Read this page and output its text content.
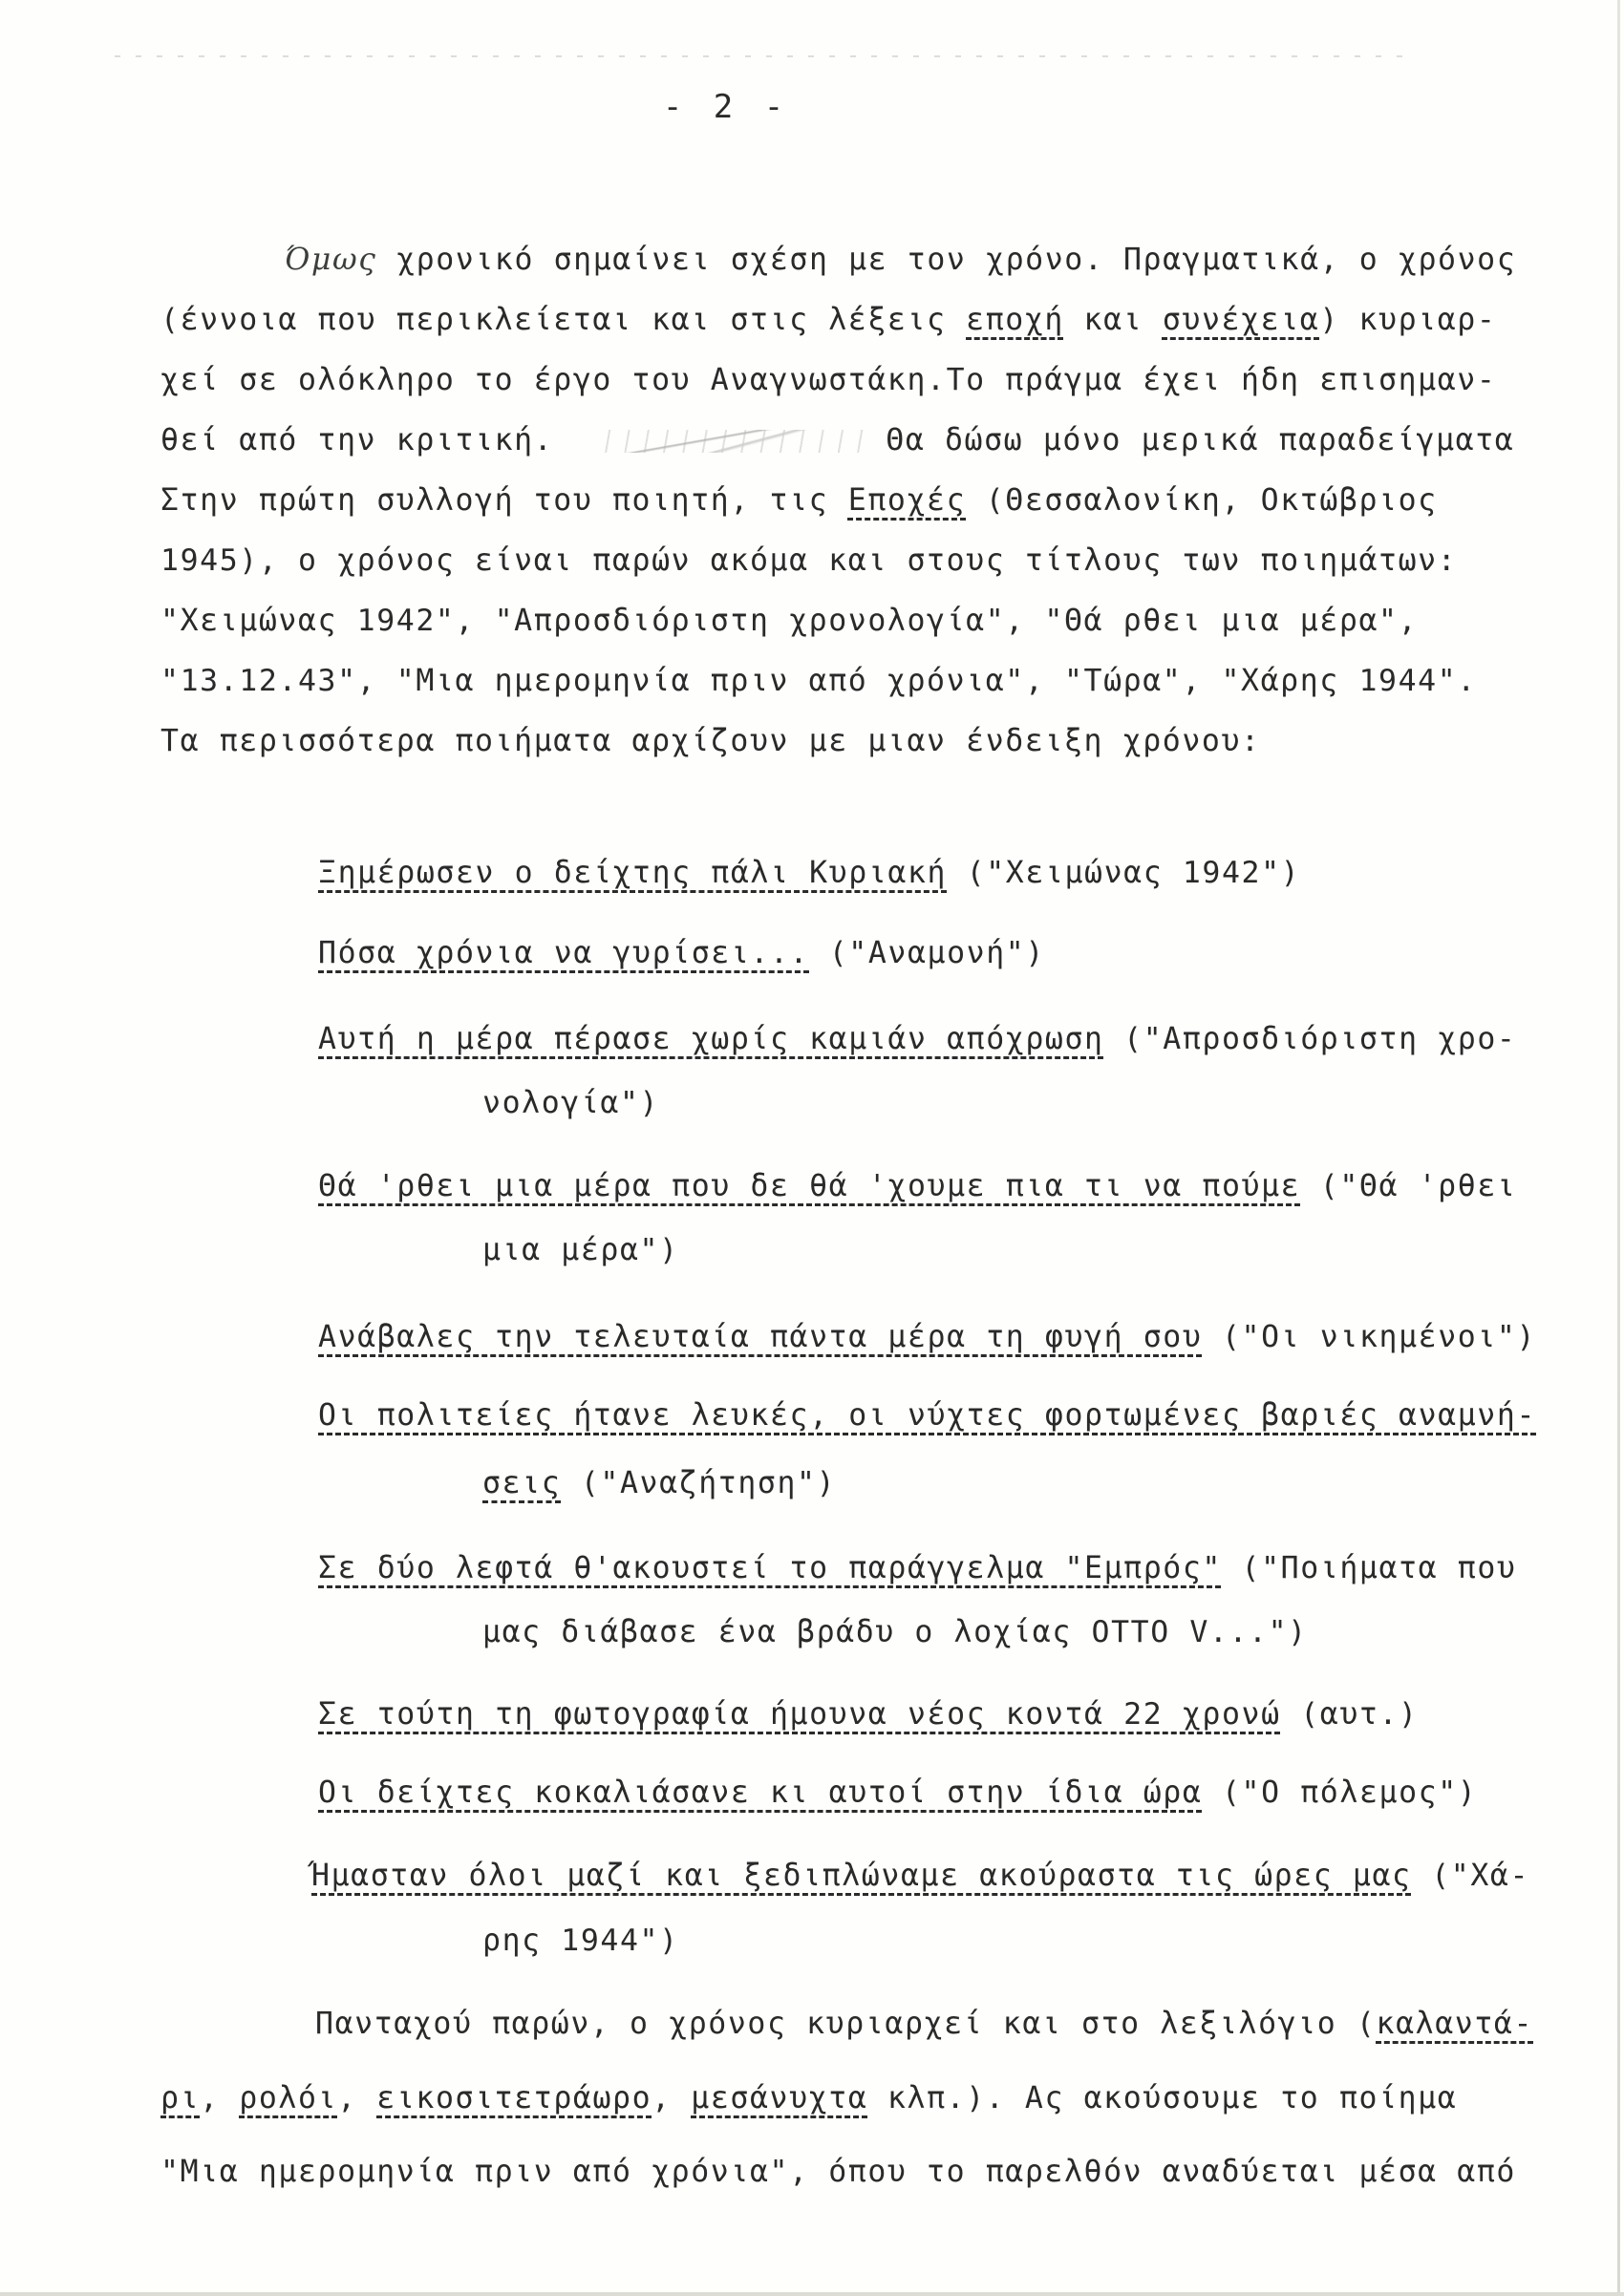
- 2 -
Όμως χρονικό σημαίνει σχέση με τον χρόνο. Πραγματικά, ο χρόνος
(έννοια που περικλείεται και στις λέξεις εποχή και συνέχεια) κυριαρ-
χεί σε ολόκληρο το έργο του Αναγνωστάκη.Το πράγμα έχει ήδη επισημαν-
θεί από την κριτική.	Θα δώσω μόνο μερικά παραδείγματα
Στην πρώτη συλλογή του ποιητή, τις Εποχές (Θεσσαλονίκη, Οκτώβριος
1945), ο χρόνος είναι παρών ακόμα και στους τίτλους των ποιημάτων:
"Χειμώνας 1942", "Απροσδιόριστη χρονολογία", "Θά ρθει μια μέρα",
"13.12.43", "Μια ημερομηνία πριν από χρόνια", "Τώρα", "Χάρης 1944".
Τα περισσότερα ποιήματα αρχίζουν με μιαν ένδειξη χρόνου:
Ξημέρωσεν ο δείχτης πάλι Κυριακή ("Χειμώνας 1942")
Πόσα χρόνια να γυρίσει... ("Αναμονή")
Αυτή η μέρα πέρασε χωρίς καμιάν απόχρωση ("Απροσδιόριστη χρο-
νολογία")
Θά 'ρθει μια μέρα που δε θά 'χουμε πια τι να πούμε ("Θά 'ρθει
μια μέρα")
Ανάβαλες την τελευταία πάντα μέρα τη φυγή σου ("Οι νικημένοι")
Οι πολιτείες ήτανε λευκές, οι νύχτες φορτωμένες βαριές αναμνή-
σεις ("Αναζήτηση")
Σε δύο λεφτά θ'ακουστεί το παράγγελμα "Εμπρός" ("Ποιήματα που
μας διάβασε ένα βράδυ ο λοχίας OTTO V...")
Σε τούτη τη φωτογραφία ήμουνα νέος κοντά 22 χρονώ (αυτ.)
Οι δείχτες κοκαλιάσανε κι αυτοί στην ίδια ώρα ("Ο πόλεμος")
Ήμασταν όλοι μαζί και ξεδιπλώναμε ακούραστα τις ώρες μας ("Χά-
ρης 1944")
Πανταχού παρών, ο χρόνος κυριαρχεί και στο λεξιλόγιο (καλαντά-
ρι, ρολόι, εικοσιτετράωρο, μεσάνυχτα κλπ.). Ας ακούσουμε το ποίημα
"Μια ημερομηνία πριν από χρόνια", όπου το παρελθόν αναδύεται μέσα από
